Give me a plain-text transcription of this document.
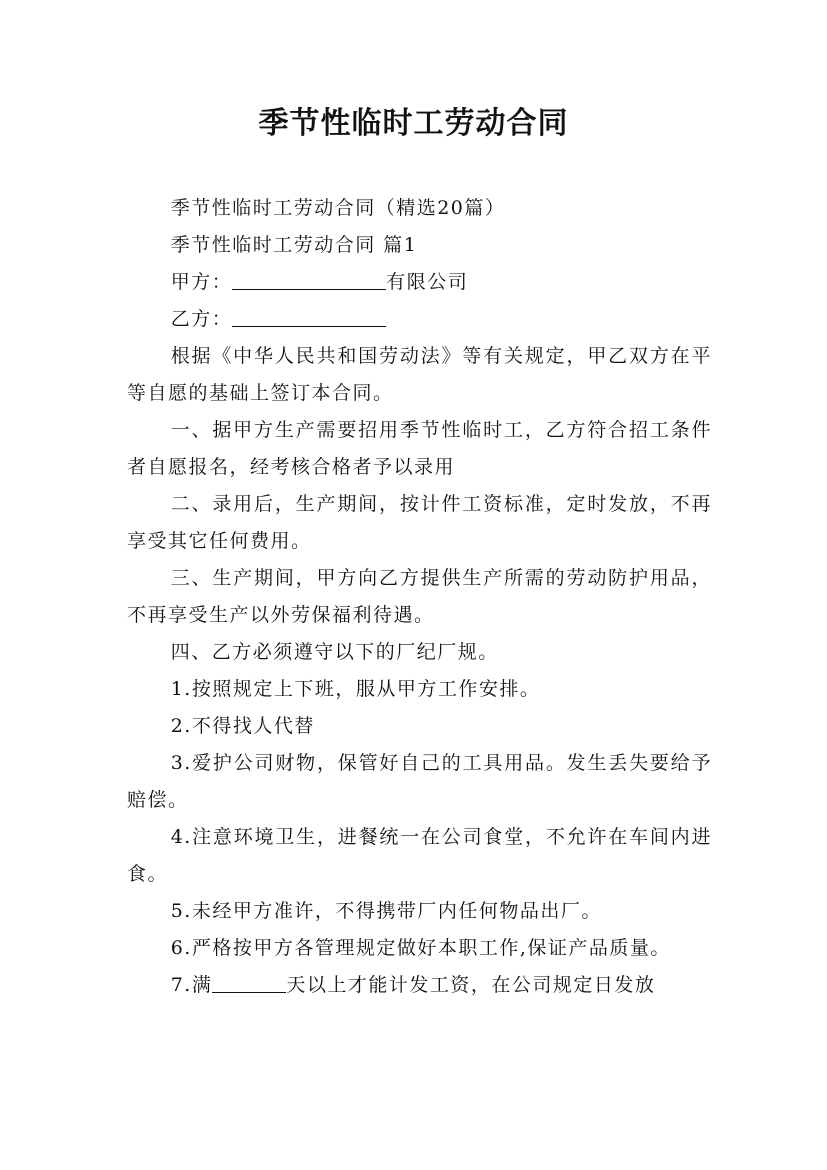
季节性临时工劳动合同

季节性临时工劳动合同（精选20篇）

季节性临时工劳动合同 篇1

甲方：	有限公司

乙方：

根据《中华人民共和国劳动法》等有关规定，甲乙双方在平等自愿的基础上签订本合同。

一、据甲方生产需要招用季节性临时工，乙方符合招工条件者自愿报名，经考核合格者予以录用

二、录用后，生产期间，按计件工资标准，定时发放，不再享受其它任何费用。

三、生产期间，甲方向乙方提供生产所需的劳动防护用品，不再享受生产以外劳保福利待遇。

四、乙方必须遵守以下的厂纪厂规。

1.按照规定上下班，服从甲方工作安排。

2.不得找人代替

3.爱护公司财物，保管好自己的工具用品。发生丢失要给予赔偿。

4.注意环境卫生，进餐统一在公司食堂，不允许在车间内进食。

5.未经甲方准许，不得携带厂内任何物品出厂。

6.严格按甲方各管理规定做好本职工作,保证产品质量。

7.满	天以上才能计发工资，在公司规定日发放
